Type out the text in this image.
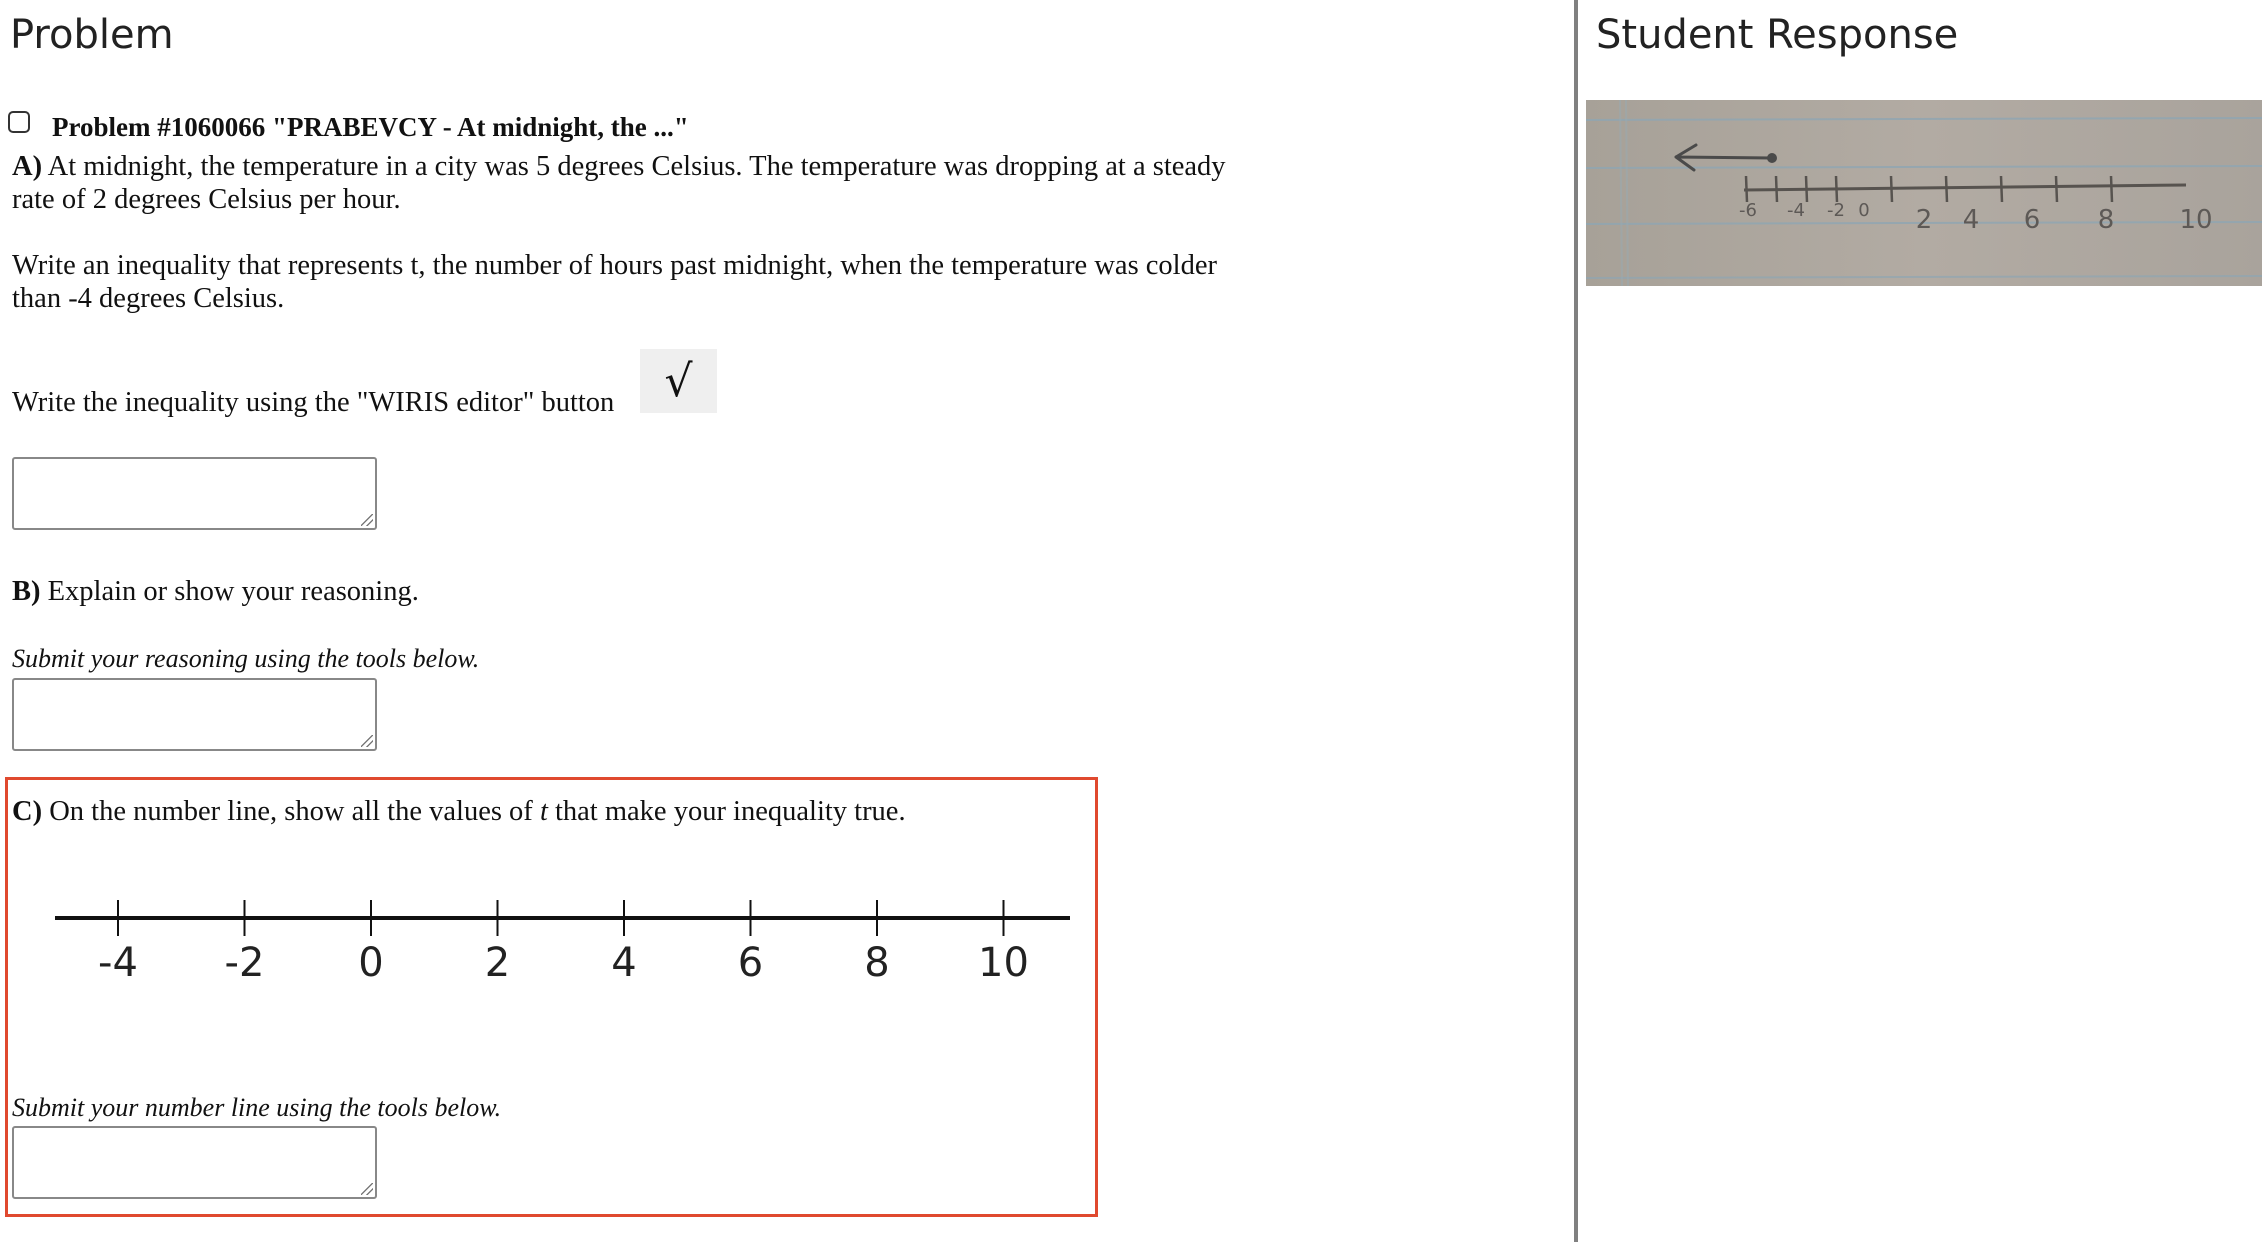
Problem
Problem #1060066 "PRABEVCY - At midnight, the ..."
A) At midnight, the temperature in a city was 5 degrees Celsius. The temperature was dropping at a steady
rate of 2 degrees Celsius per hour.
Write an inequality that represents t, the number of hours past midnight, when the temperature was colder
than -4 degrees Celsius.
Write the inequality using the "WIRIS editor" button √
B) Explain or show your reasoning.
Submit your reasoning using the tools below.
C) On the number line, show all the values of t that make your inequality true.
-4 -2 0	2	4	6	8 10
Submit your number line using the tools below.
Student Response
-6 -4 -2 0 2 4 6 8	10
